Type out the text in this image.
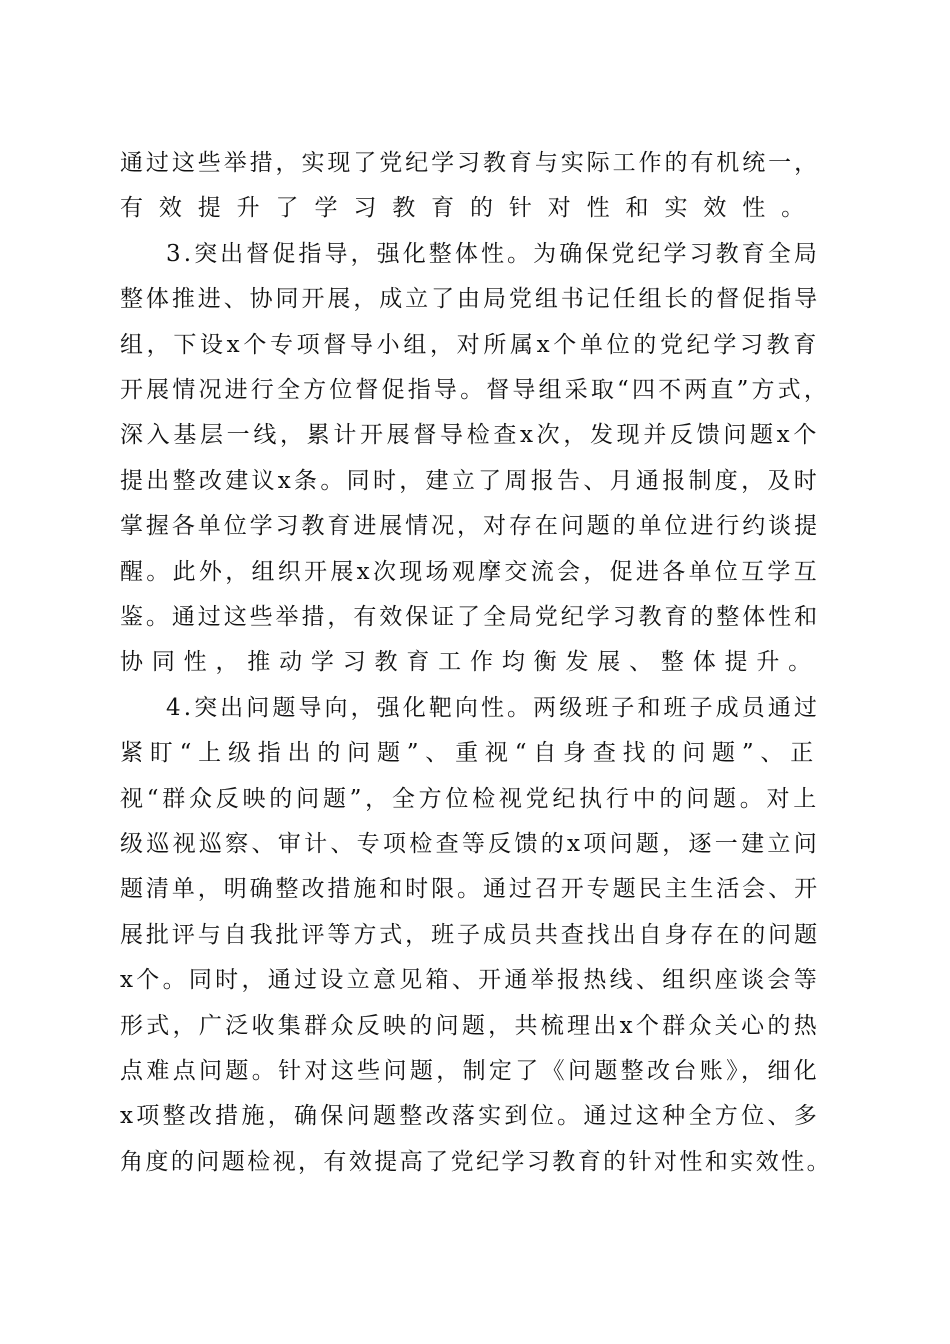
通过这些举措，实现了党纪学习教育与实际工作的有机统一，
有效提升了学习教育的针对性和实效性。
3.突出督促指导，强化整体性。为确保党纪学习教育全局
整体推进、协同开展，成立了由局党组书记任组长的督促指导
组，下设x个专项督导小组，对所属x个单位的党纪学习教育
开展情况进行全方位督促指导。督导组采取“四不两直”方式，
深入基层一线，累计开展督导检查x次，发现并反馈问题x个
提出整改建议x条。同时，建立了周报告、月通报制度，及时
掌握各单位学习教育进展情况，对存在问题的单位进行约谈提
醒。此外，组织开展x次现场观摩交流会，促进各单位互学互
鉴。通过这些举措，有效保证了全局党纪学习教育的整体性和
协同性，推动学习教育工作均衡发展、整体提升。
4.突出问题导向，强化靶向性。两级班子和班子成员通过
紧盯“上级指出的问题”、重视“自身查找的问题”、正
视“群众反映的问题”，全方位检视党纪执行中的问题。对上
级巡视巡察、审计、专项检查等反馈的x项问题，逐一建立问
题清单，明确整改措施和时限。通过召开专题民主生活会、开
展批评与自我批评等方式，班子成员共查找出自身存在的问题
x个。同时，通过设立意见箱、开通举报热线、组织座谈会等
形式，广泛收集群众反映的问题，共梳理出x个群众关心的热
点难点问题。针对这些问题，制定了《问题整改台账》，细化
x项整改措施，确保问题整改落实到位。通过这种全方位、多
角度的问题检视，有效提高了党纪学习教育的针对性和实效性。
